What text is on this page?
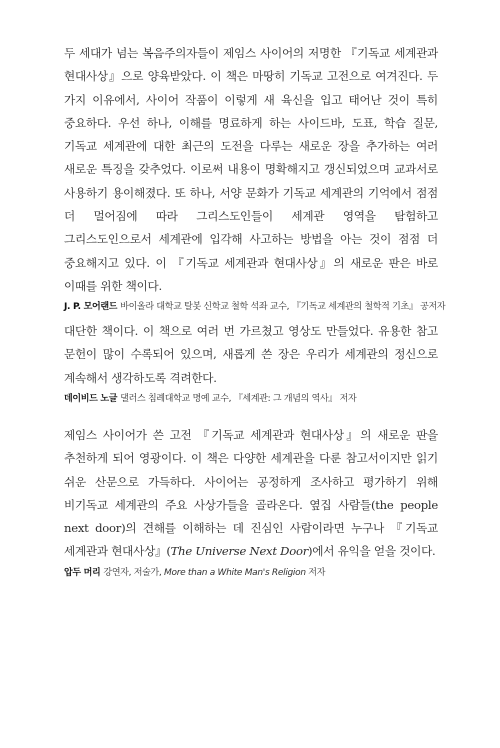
두 세대가 넘는 복음주의자들이 제임스 사이어의 저명한 『기독교 세계관과 현대사상』으로 양육받았다. 이 책은 마땅히 기독교 고전으로 여겨진다. 두 가지 이유에서, 사이어 작품이 이렇게 새 육신을 입고 태어난 것이 특히 중요하다. 우선 하나, 이해를 명료하게 하는 사이드바, 도표, 학습 질문, 기독교 세계관에 대한 최근의 도전을 다루는 새로운 장을 추가하는 여러 새로운 특징을 갖추었다. 이로써 내용이 명확해지고 갱신되었으며 교과서로 사용하기 용이해졌다. 또 하나, 서양 문화가 기독교 세계관의 기억에서 점점 더 멀어짐에 따라 그리스도인들이 세계관 영역을 탐험하고 그리스도인으로서 세계관에 입각해 사고하는 방법을 아는 것이 점점 더 중요해지고 있다. 이 『기독교 세계관과 현대사상』의 새로운 판은 바로 이때를 위한 책이다.

J. P. 모어랜드 바이올라 대학교 탈봇 신학교 철학 석좌 교수, 『기독교 세계관의 철학적 기초』 공저자

대단한 책이다. 이 책으로 여러 번 가르쳤고 영상도 만들었다. 유용한 참고 문헌이 많이 수록되어 있으며, 새롭게 쓴 장은 우리가 세계관의 정신으로 계속해서 생각하도록 격려한다.

데이비드 노글 댈러스 침례대학교 명예 교수, 『세계관: 그 개념의 역사』 저자

제임스 사이어가 쓴 고전 『기독교 세계관과 현대사상』의 새로운 판을 추천하게 되어 영광이다. 이 책은 다양한 세계관을 다룬 참고서이지만 읽기 쉬운 산문으로 가득하다. 사이어는 공정하게 조사하고 평가하기 위해 비기독교 세계관의 주요 사상가들을 골라온다. 옆집 사람들(the people next door)의 견해를 이해하는 데 진심인 사람이라면 누구나 『기독교 세계관과 현대사상』(The Universe Next Door)에서 유익을 얻을 것이다.

압두 머리 강연자, 저술가, More than a White Man's Religion 저자
